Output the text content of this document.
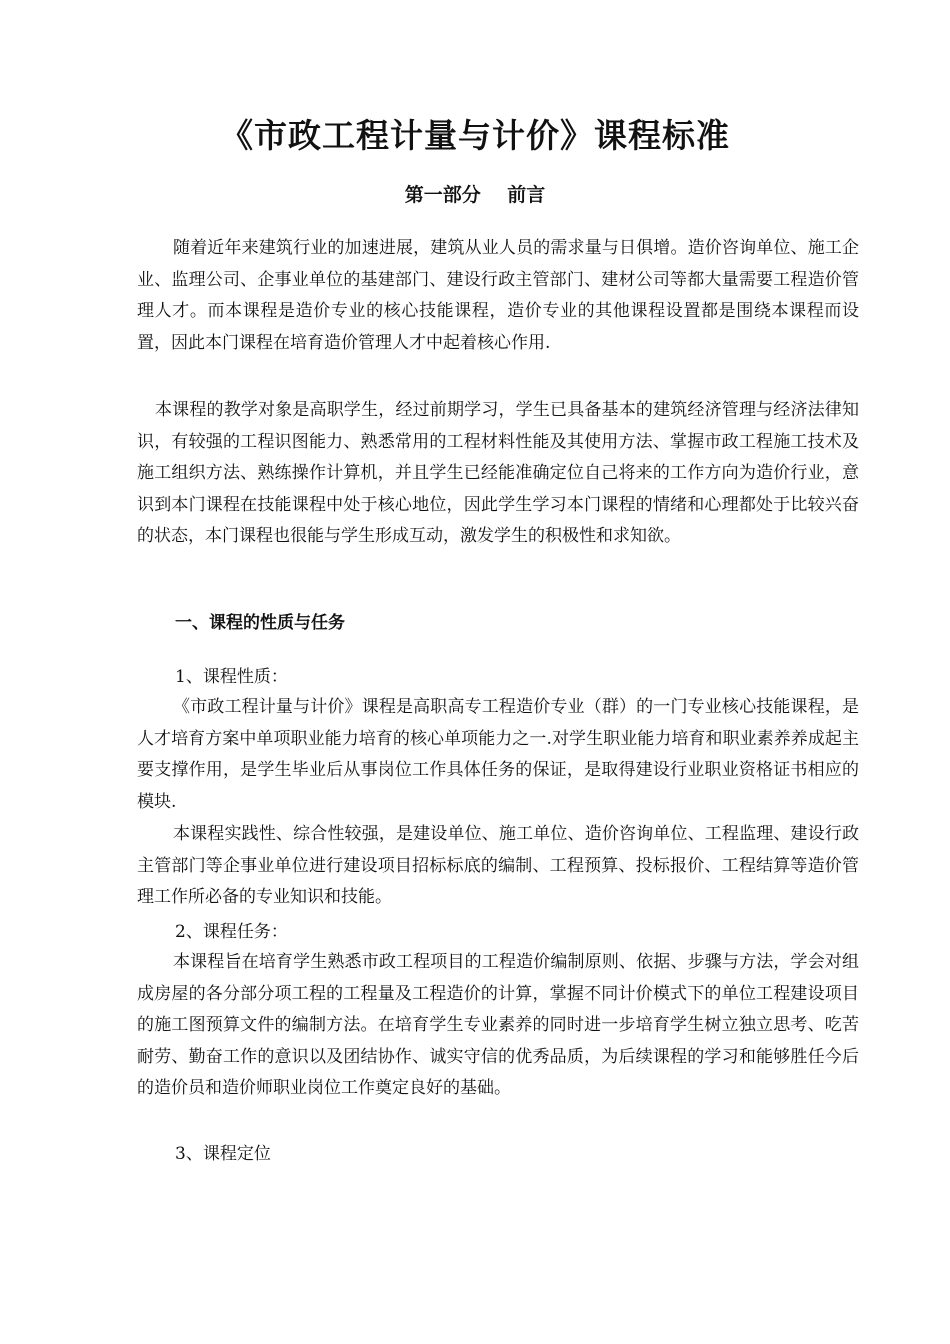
《市政工程计量与计价》课程标准
第一部分    前言

随着近年来建筑行业的加速进展，建筑从业人员的需求量与日俱增。造价咨询单位、施工企业、监理公司、企事业单位的基建部门、建设行政主管部门、建材公司等都大量需要工程造价管理人才。而本课程是造价专业的核心技能课程，造价专业的其他课程设置都是围绕本课程而设置，因此本门课程在培育造价管理人才中起着核心作用.

本课程的教学对象是高职学生，经过前期学习，学生已具备基本的建筑经济管理与经济法律知识，有较强的工程识图能力、熟悉常用的工程材料性能及其使用方法、掌握市政工程施工技术及施工组织方法、熟练操作计算机，并且学生已经能准确定位自己将来的工作方向为造价行业，意识到本门课程在技能课程中处于核心地位，因此学生学习本门课程的情绪和心理都处于比较兴奋的状态，本门课程也很能与学生形成互动，激发学生的积极性和求知欲。

一、课程的性质与任务
1、课程性质：

《市政工程计量与计价》课程是高职高专工程造价专业（群）的一门专业核心技能课程，是人才培育方案中单项职业能力培育的核心单项能力之一.对学生职业能力培育和职业素养养成起主要支撑作用，是学生毕业后从事岗位工作具体任务的保证，是取得建设行业职业资格证书相应的模块.

本课程实践性、综合性较强，是建设单位、施工单位、造价咨询单位、工程监理、建设行政主管部门等企事业单位进行建设项目招标标底的编制、工程预算、投标报价、工程结算等造价管理工作所必备的专业知识和技能。

2、课程任务：

本课程旨在培育学生熟悉市政工程项目的工程造价编制原则、依据、步骤与方法，学会对组成房屋的各分部分项工程的工程量及工程造价的计算，掌握不同计价模式下的单位工程建设项目的施工图预算文件的编制方法。在培育学生专业素养的同时进一步培育学生树立独立思考、吃苦耐劳、勤奋工作的意识以及团结协作、诚实守信的优秀品质，为后续课程的学习和能够胜任今后的造价员和造价师职业岗位工作奠定良好的基础。

3、课程定位
